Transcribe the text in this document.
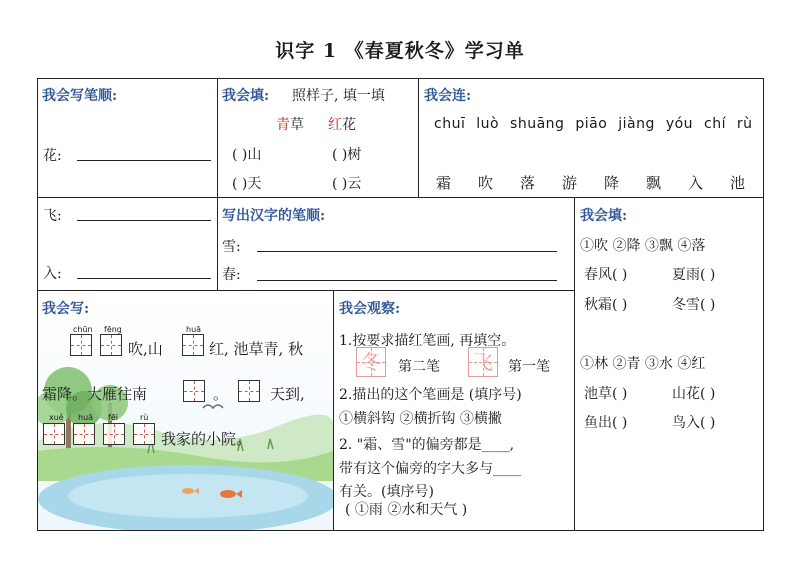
识字 1 《春夏秋冬》学习单
我会写笔顺:
花:
飞:
入:
我会填: 照样子, 填一填
青草 红花
( )山	( )树
( )天	( )云
我会连:
chuī luò shuāng piāo jiàng yóu chí rù
霜 吹 落 游 降 飘 入 池
写出汉字的笔顺:
雪:
春:
我会填:
①吹 ②降 ③飘 ④落
春风( )	夏雨( )
秋霜( )	冬雪( )
①林 ②青 ③水 ④红
池草( )	山花( )
鱼出( )	鸟入( )
我会写:
chūn fēng
吹,山
huā
红, 池草青, 秋
霜降。大雁往南	。	天到,
xuě huā fēi	rù
我家的小院。
我会观察:
1.按要求描红笔画, 再填空。
冬 第二笔 飞 第一笔
2.描出的这个笔画是 (填序号)
①横斜钩 ②横折钩 ③横撇
2. "霜、雪"的偏旁都是____,
带有这个偏旁的字大多与____
有关。(填序号)
( ①雨 ②水和天气 )
